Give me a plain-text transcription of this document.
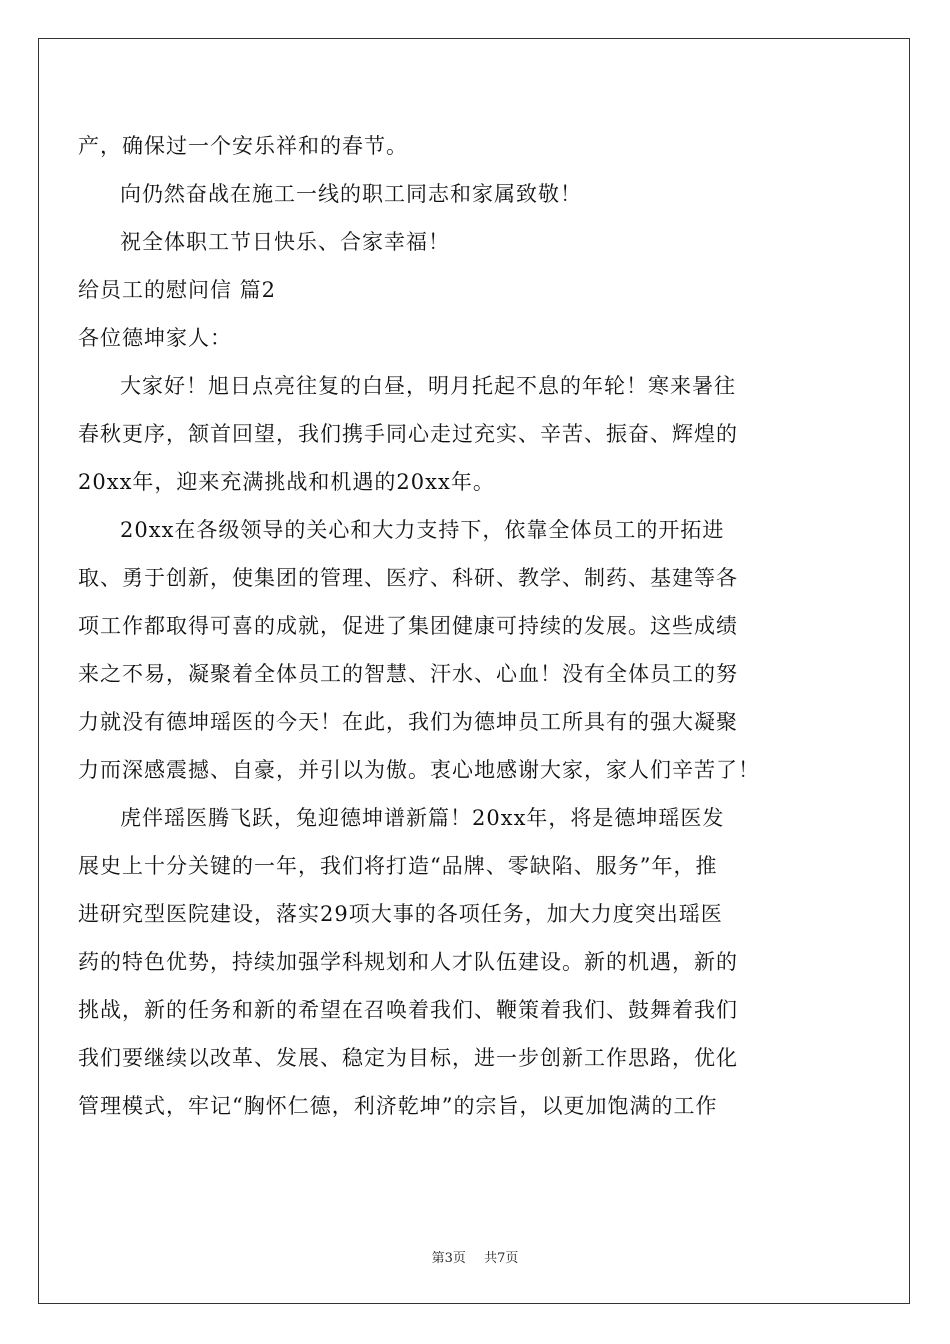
产，确保过一个安乐祥和的春节。
向仍然奋战在施工一线的职工同志和家属致敬！
祝全体职工节日快乐、合家幸福！
给员工的慰问信 篇2
各位德坤家人：
大家好！旭日点亮往复的白昼，明月托起不息的年轮！寒来暑往
春秋更序，颔首回望，我们携手同心走过充实、辛苦、振奋、辉煌的
20xx年，迎来充满挑战和机遇的20xx年。
20xx在各级领导的关心和大力支持下，依靠全体员工的开拓进
取、勇于创新，使集团的管理、医疗、科研、教学、制药、基建等各
项工作都取得可喜的成就，促进了集团健康可持续的发展。这些成绩
来之不易，凝聚着全体员工的智慧、汗水、心血！没有全体员工的努
力就没有德坤瑶医的今天！在此，我们为德坤员工所具有的强大凝聚
力而深感震撼、自豪，并引以为傲。衷心地感谢大家，家人们辛苦了！
虎伴瑶医腾飞跃，兔迎德坤谱新篇！20xx年，将是德坤瑶医发
展史上十分关键的一年，我们将打造“品牌、零缺陷、服务”年，推
进研究型医院建设，落实29项大事的各项任务，加大力度突出瑶医
药的特色优势，持续加强学科规划和人才队伍建设。新的机遇，新的
挑战，新的任务和新的希望在召唤着我们、鞭策着我们、鼓舞着我们
我们要继续以改革、发展、稳定为目标，进一步创新工作思路，优化
管理模式，牢记“胸怀仁德，利济乾坤”的宗旨，以更加饱满的工作
第3页 共7页
